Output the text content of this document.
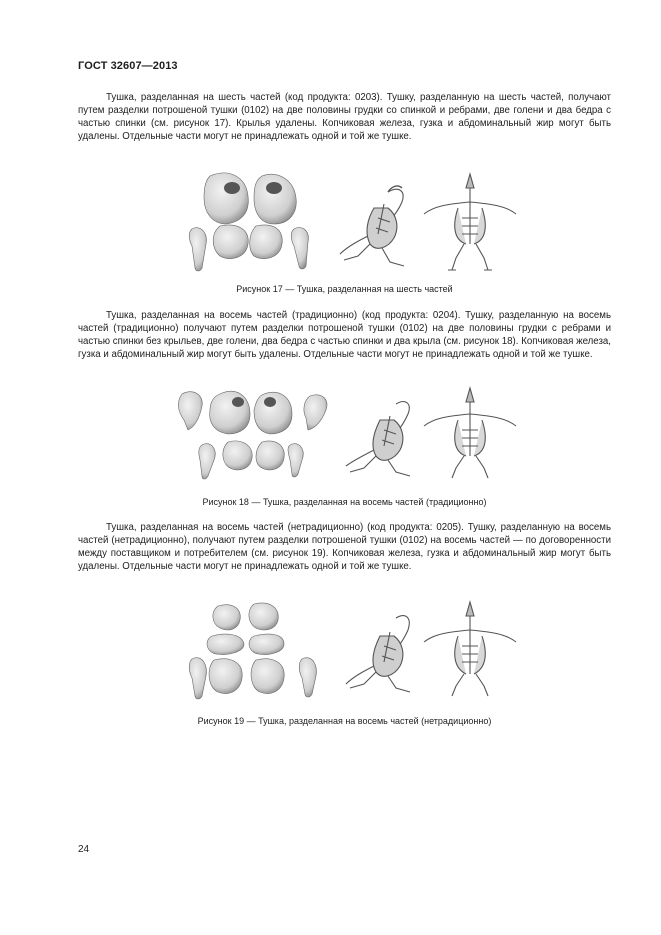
ГОСТ 32607—2013

Тушка, разделанная на шесть частей (код продукта: 0203). Тушку, разделанную на шесть частей, получают путем разделки потрошеной тушки (0102) на две половины грудки со спинкой и ребрами, две голени и два бедра с частью спинки (см. рисунок 17). Крылья удалены. Копчиковая железа, гузка и абдоминальный жир могут быть удалены. Отдельные части могут не принадлежать одной и той же тушке.

Рисунок 17 — Тушка, разделанная на шесть частей

Тушка, разделанная на восемь частей (традиционно) (код продукта: 0204). Тушку, разделанную на восемь частей (традиционно) получают путем разделки потрошеной тушки (0102) на две половины грудки с ребрами и частью спинки без крыльев, две голени, два бедра с частью спинки и два крыла (см. рисунок 18). Копчиковая железа, гузка и абдоминальный жир могут быть удалены. Отдельные части могут не принадлежать одной и той же тушке.

Рисунок 18 — Тушка, разделанная на восемь частей (традиционно)

Тушка, разделанная на восемь частей (нетрадиционно) (код продукта: 0205). Тушку, разделанную на восемь частей (нетрадиционно), получают путем разделки потрошеной тушки (0102) на восемь частей — по договоренности между поставщиком и потребителем (см. рисунок 19). Копчиковая железа, гузка и абдоминальный жир могут быть удалены. Отдельные части могут не принадлежать одной и той же тушке.

Рисунок 19 — Тушка, разделанная на восемь частей (нетрадиционно)
24
